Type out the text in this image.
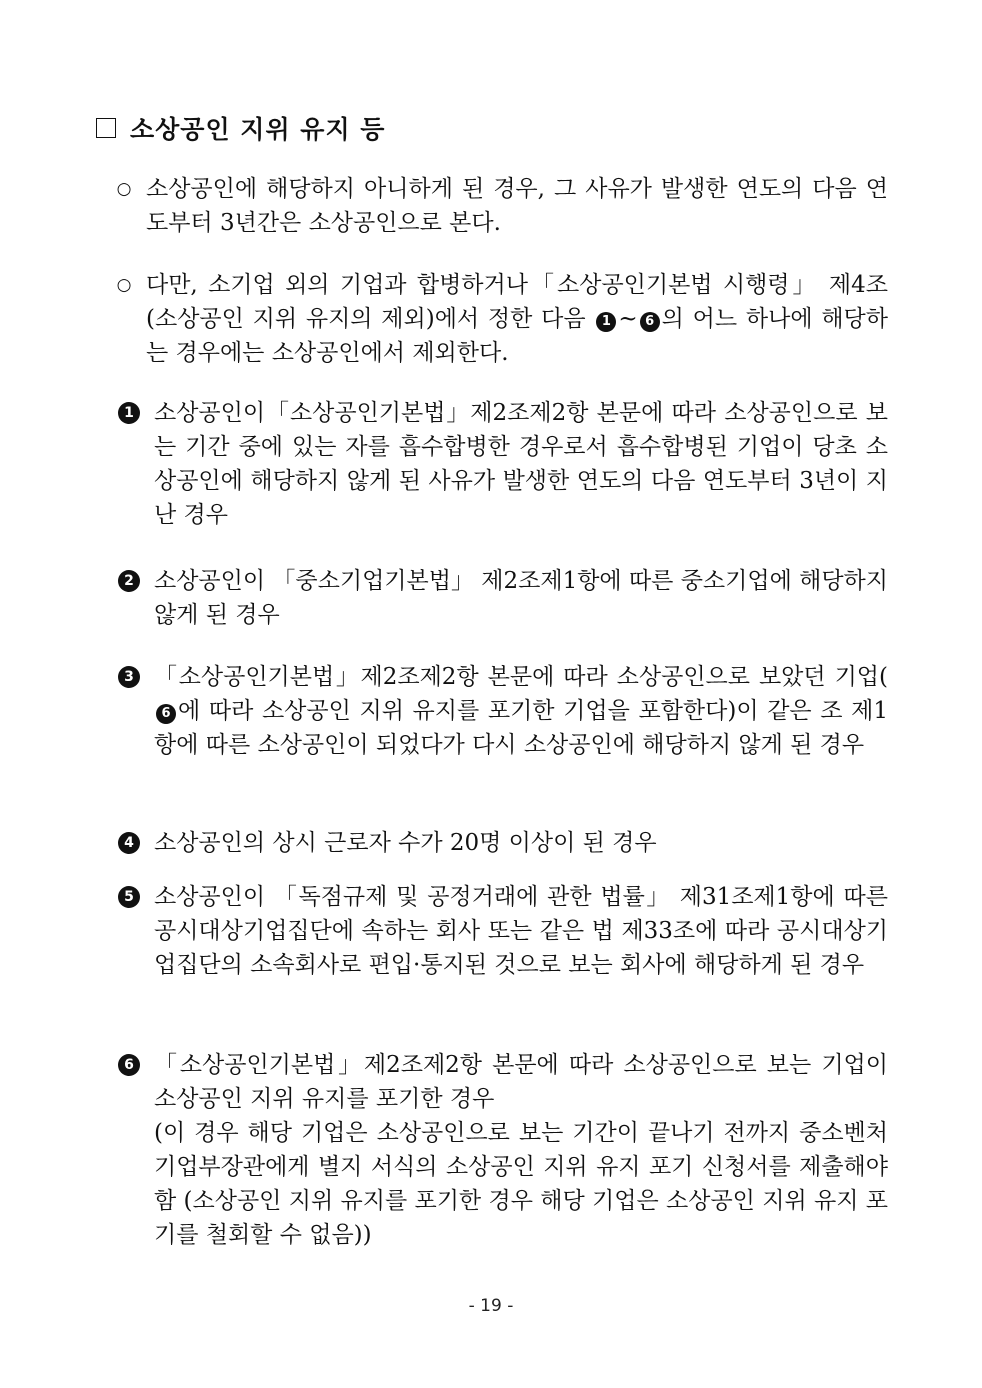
소상공인 지위 유지 등
○ 소상공인에 해당하지 아니하게 된 경우, 그 사유가 발생한 연도의 다음 연도부터 3년간은 소상공인으로 본다.
○ 다만, 소기업 외의 기업과 합병하거나「소상공인기본법 시행령」 제4조(소상공인 지위 유지의 제외)에서 정한 다음 1 ~ 6 의 어느 하나에 해당하는 경우에는 소상공인에서 제외한다.
1 소상공인이「소상공인기본법」제2조제2항 본문에 따라 소상공인으로 보는 기간 중에 있는 자를 흡수합병한 경우로서 흡수합병된 기업이 당초 소상공인에 해당하지 않게 된 사유가 발생한 연도의 다음 연도부터 3년이 지난 경우
2 소상공인이 「중소기업기본법」 제2조제1항에 따른 중소기업에 해당하지 않게 된 경우
3 「소상공인기본법」제2조제2항 본문에 따라 소상공인으로 보았던 기업(6 에 따라 소상공인 지위 유지를 포기한 기업을 포함한다)이 같은 조 제1항에 따른 소상공인이 되었다가 다시 소상공인에 해당하지 않게 된 경우
4 소상공인의 상시 근로자 수가 20명 이상이 된 경우
5 소상공인이 「독점규제 및 공정거래에 관한 법률」 제31조제1항에 따른 공시대상기업집단에 속하는 회사 또는 같은 법 제33조에 따라 공시대상기업집단의 소속회사로 편입·통지된 것으로 보는 회사에 해당하게 된 경우
6 「소상공인기본법」제2조제2항 본문에 따라 소상공인으로 보는 기업이 소상공인 지위 유지를 포기한 경우
(이 경우 해당 기업은 소상공인으로 보는 기간이 끝나기 전까지 중소벤처기업부장관에게 별지 서식의 소상공인 지위 유지 포기 신청서를 제출해야 함 (소상공인 지위 유지를 포기한 경우 해당 기업은 소상공인 지위 유지 포기를 철회할 수 없음))
- 19 -
